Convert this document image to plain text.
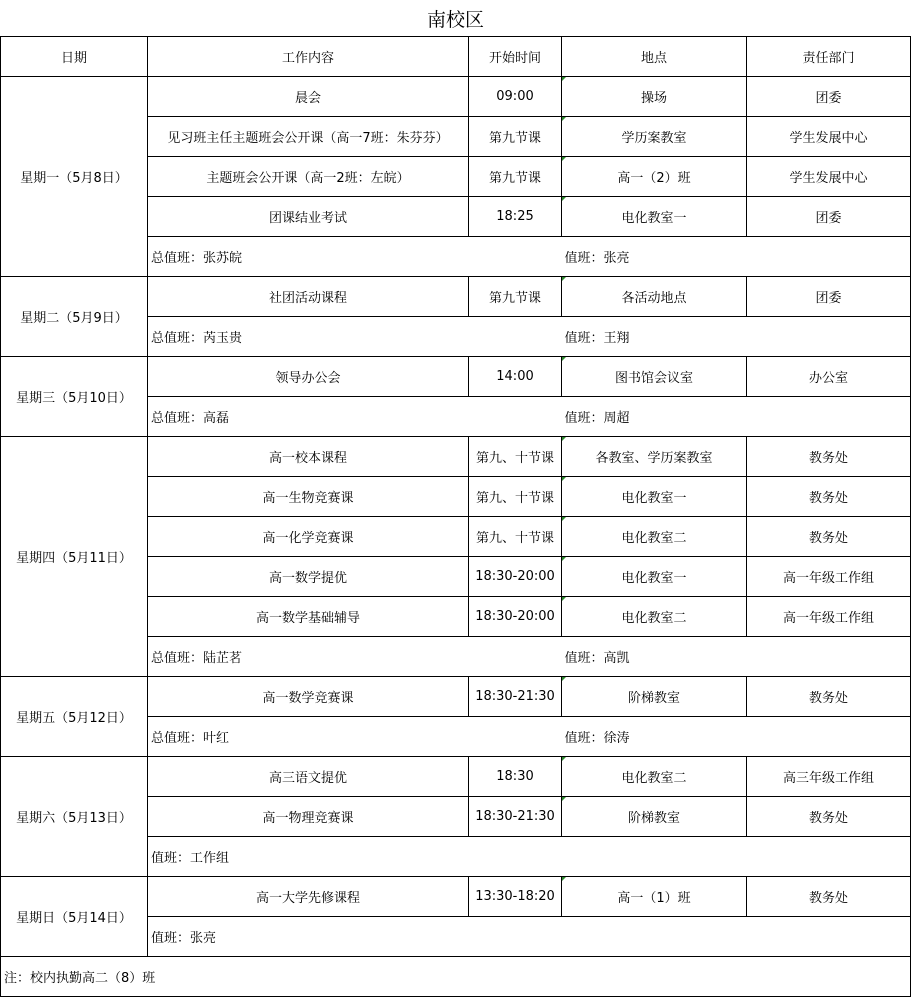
南校区
日期	工作内容	开始时间	地点	责任部门
星期一（5月8日）	晨会	09:00	操场	团委
	见习班主任主题班会公开课（高一7班：朱芬芬）	第九节课	学历案教室	学生发展中心
	主题班会公开课（高一2班：左皖）	第九节课	高一（2）班	学生发展中心
	团课结业考试	18:25	电化教室一	团委
	总值班：张苏皖		值班：张亮	
星期二（5月9日）	社团活动课程	第九节课	各活动地点	团委
	总值班：芮玉贵		值班：王翔	
星期三（5月10日）	领导办公会	14:00	图书馆会议室	办公室
	总值班：高磊		值班：周超	
星期四（5月11日）	高一校本课程	第九、十节课	各教室、学历案教室	教务处
	高一生物竞赛课	第九、十节课	电化教室一	教务处
	高一化学竞赛课	第九、十节课	电化教室二	教务处
	高一数学提优	18:30-20:00	电化教室一	高一年级工作组
	高一数学基础辅导	18:30-20:00	电化教室二	高一年级工作组
	总值班：陆芷茗		值班：高凯	
星期五（5月12日）	高一数学竞赛课	18:30-21:30	阶梯教室	教务处
	总值班：叶红		值班：徐涛	
星期六（5月13日）	高三语文提优	18:30	电化教室二	高三年级工作组
	高一物理竞赛课	18:30-21:30	阶梯教室	教务处
	值班：工作组			
星期日（5月14日）	高一大学先修课程	13:30-18:20	高一（1）班	教务处
	值班：张亮			
注：校内执勤高二（8）班				
